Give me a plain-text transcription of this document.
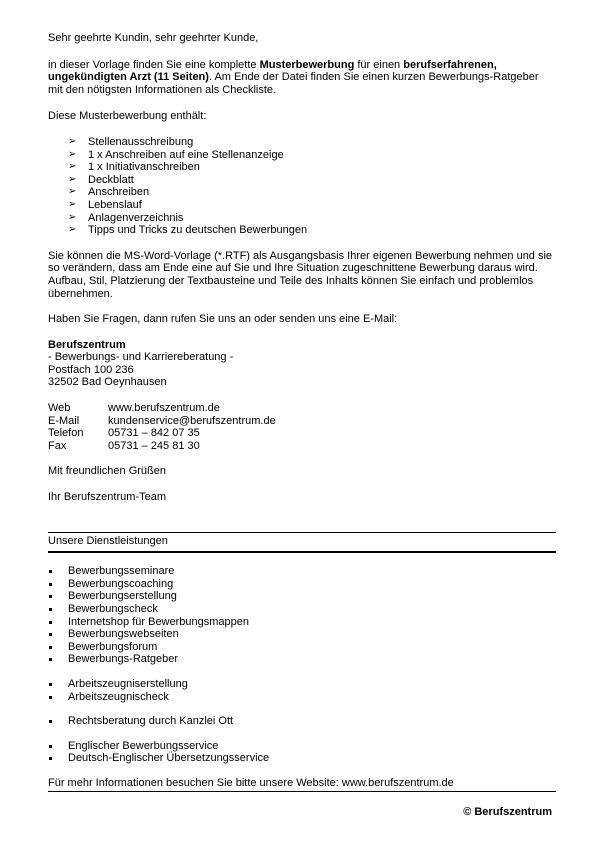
Sehr geehrte Kundin, sehr geehrter Kunde,

in dieser Vorlage finden Sie eine komplette Musterbewerbung für einen berufserfahrenen, ungekündigten Arzt (11 Seiten). Am Ende der Datei finden Sie einen kurzen Bewerbungs-Ratgeber mit den nötigsten Informationen als Checkliste.

Diese Musterbewerbung enthält:

➢ Stellenausschreibung
➢ 1 x Anschreiben auf eine Stellenanzeige
➢ 1 x Initiativanschreiben
➢ Deckblatt
➢ Anschreiben
➢ Lebenslauf
➢ Anlagenverzeichnis
➢ Tipps und Tricks zu deutschen Bewerbungen

Sie können die MS-Word-Vorlage (*.RTF) als Ausgangsbasis Ihrer eigenen Bewerbung nehmen und sie so verändern, dass am Ende eine auf Sie und Ihre Situation zugeschnittene Bewerbung daraus wird. Aufbau, Stil, Platzierung der Textbausteine und Teile des Inhalts können Sie einfach und problemlos übernehmen.

Haben Sie Fragen, dann rufen Sie uns an oder senden uns eine E-Mail:

Berufszentrum
- Bewerbungs- und Karriereberatung -
Postfach 100 236
32502 Bad Oeynhausen
Web	www.berufszentrum.de
E-Mail	kundenservice@berufszentrum.de
Telefon	05731 – 842 07 35
Fax	05731 – 245 81 30

Mit freundlichen Grüßen

Ihr Berufszentrum-Team

Unsere Dienstleistungen
Bewerbungsseminare
Bewerbungscoaching
Bewerbungserstellung
Bewerbungscheck
Internetshop für Bewerbungsmappen
Bewerbungswebseiten
Bewerbungsforum
Bewerbungs-Ratgeber
Arbeitszeugniserstellung
Arbeitszeugnischeck
Rechtsberatung durch Kanzlei Ott
Englischer Bewerbungsservice
Deutsch-Englischer Übersetzungsservice

Für mehr Informationen besuchen Sie bitte unsere Website: www.berufszentrum.de

© Berufszentrum
